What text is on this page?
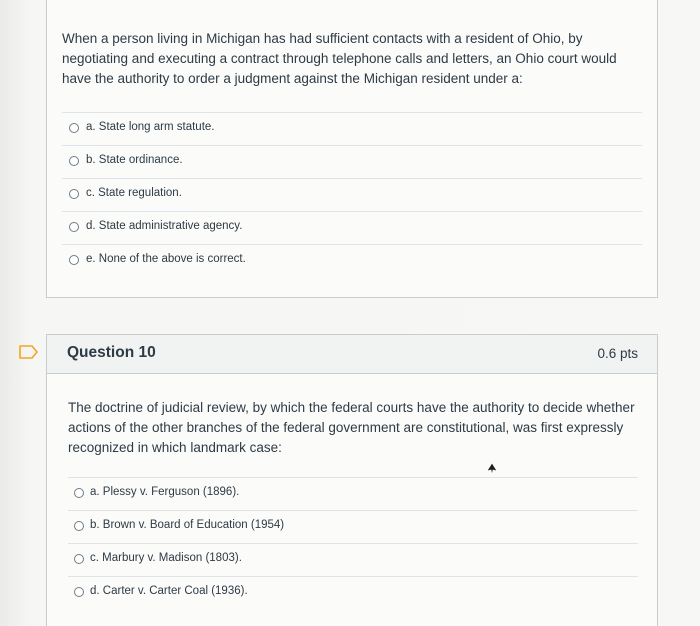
When a person living in Michigan has had sufficient contacts with a resident of Ohio, by negotiating and executing a contract through telephone calls and letters, an Ohio court would have the authority to order a judgment against the Michigan resident under a:
a. State long arm statute.
b. State ordinance.
c. State regulation.
d. State administrative agency.
e. None of the above is correct.
Question 10	0.6 pts
The doctrine of judicial review, by which the federal courts have the authority to decide whether actions of the other branches of the federal government are constitutional, was first expressly recognized in which landmark case:
a. Plessy v. Ferguson (1896).
b. Brown v. Board of Education (1954)
c. Marbury v. Madison (1803).
d. Carter v. Carter Coal (1936).
